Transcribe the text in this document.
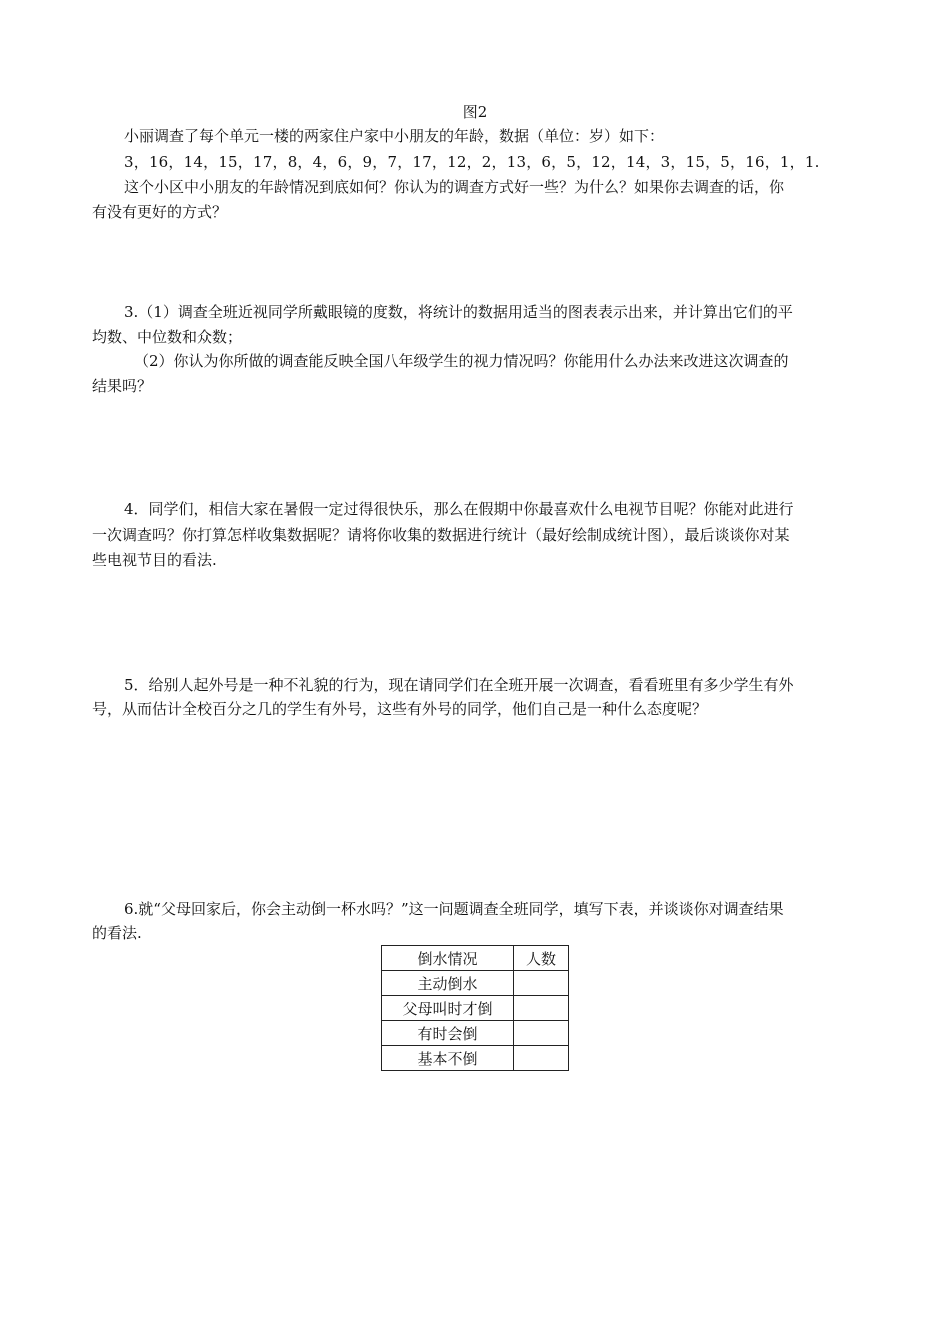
图2
小丽调查了每个单元一楼的两家住户家中小朋友的年龄，数据（单位：岁）如下：
3，16，14，15，17，8，4，6，9，7，17，12，2，13，6，5，12，14，3，15，5，16，1，1.
这个小区中小朋友的年龄情况到底如何？你认为的调查方式好一些？为什么？如果你去调查的话，你
有没有更好的方式？
3.（1）调查全班近视同学所戴眼镜的度数，将统计的数据用适当的图表表示出来，并计算出它们的平
均数、中位数和众数；
（2）你认为你所做的调查能反映全国八年级学生的视力情况吗？你能用什么办法来改进这次调查的
结果吗？
4．同学们，相信大家在暑假一定过得很快乐，那么在假期中你最喜欢什么电视节目呢？你能对此进行
一次调查吗？你打算怎样收集数据呢？请将你收集的数据进行统计（最好绘制成统计图），最后谈谈你对某
些电视节目的看法.
5．给别人起外号是一种不礼貌的行为，现在请同学们在全班开展一次调查，看看班里有多少学生有外
号，从而估计全校百分之几的学生有外号，这些有外号的同学，他们自己是一种什么态度呢？
6.就“父母回家后，你会主动倒一杯水吗？”这一问题调查全班同学，填写下表，并谈谈你对调查结果
的看法.
倒水情况	人数
主动倒水	
父母叫时才倒	
有时会倒	
基本不倒	
